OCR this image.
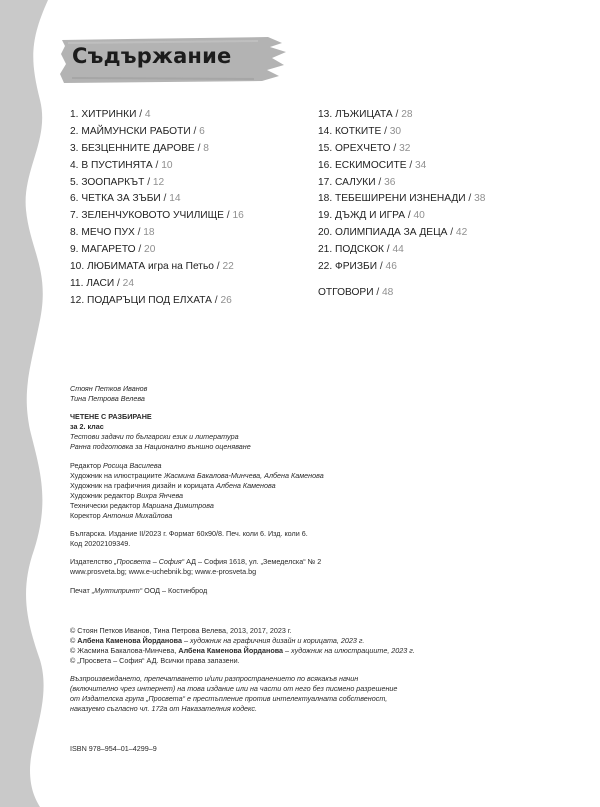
Съдържание
1. ХИТРИНКИ / 4
2. МАЙМУНСКИ РАБОТИ / 6
3. БЕЗЦЕННИТЕ ДАРОВЕ / 8
4. В ПУСТИНЯТА / 10
5. ЗООПАРКЪТ / 12
6. ЧЕТКА ЗА ЗЪБИ / 14
7. ЗЕЛЕНЧУКОВОТО УЧИЛИЩЕ / 16
8. МЕЧО ПУХ / 18
9. МАГАРЕТО / 20
10. ЛЮБИМАТА игра на Петьо / 22
11. ЛАСИ / 24
12. ПОДАРЪЦИ ПОД ЕЛХАТА / 26
13. ЛЪЖИЦАТА / 28
14. КОТКИТЕ / 30
15. ОРЕХЧЕТО / 32
16. ЕСКИМОСИТЕ / 34
17. САЛУКИ / 36
18. ТЕБЕШИРЕНИ ИЗНЕНАДИ / 38
19. ДЪЖД И ИГРА / 40
20. ОЛИМПИАДА ЗА ДЕЦА / 42
21. ПОДСКОК / 44
22. ФРИЗБИ / 46
ОТГОВОРИ / 48

Стоян Петков Иванов

Тина Петрова Велева

ЧЕТЕНЕ С РАЗБИРАНЕ

за 2. клас

Тестови задачи по български език и литература

Ранна подготовка за Национално външно оценяване

Редактор Росица Василева

Художник на илюстрациите Жасмина Бакалова-Минчева, Албена Каменова

Художник на графичния дизайн и корицата Албена Каменова

Художник редактор Вихра Янчева

Технически редактор Мариана Димитрова

Коректор Антония Михайлова

Българска. Издание II/2023 г. Формат 60х90/8. Печ. коли 6. Изд. коли 6.

Код 20202109349.

Издателство „Просвета – София“ АД – София 1618, ул. „Земеделска“ № 2

www.prosveta.bg; www.e-uchebnik.bg; www.e-prosveta.bg

Печат „Мултипринт“ ООД – Костинброд

© Стоян Петков Иванов, Тина Петрова Велева, 2013, 2017, 2023 г.

© Албена Каменова Йорданова – художник на графичния дизайн и корицата, 2023 г.

© Жасмина Бакалова-Минчева, Албена Каменова Йорданова – художник на илюстрациите, 2023 г.

© „Просвета – София“ АД. Всички права запазени.

Възпроизвеждането, препечатването и/или разпространението по всякакъв начин

(включително чрез интернет) на това издание или на части от него без писмено разрешение

от Издателска група „Просвета“ е престъпление против интелектуалната собственост,

наказуемо съгласно чл. 172а от Наказателния кодекс.

ISBN 978–954–01–4299–9
